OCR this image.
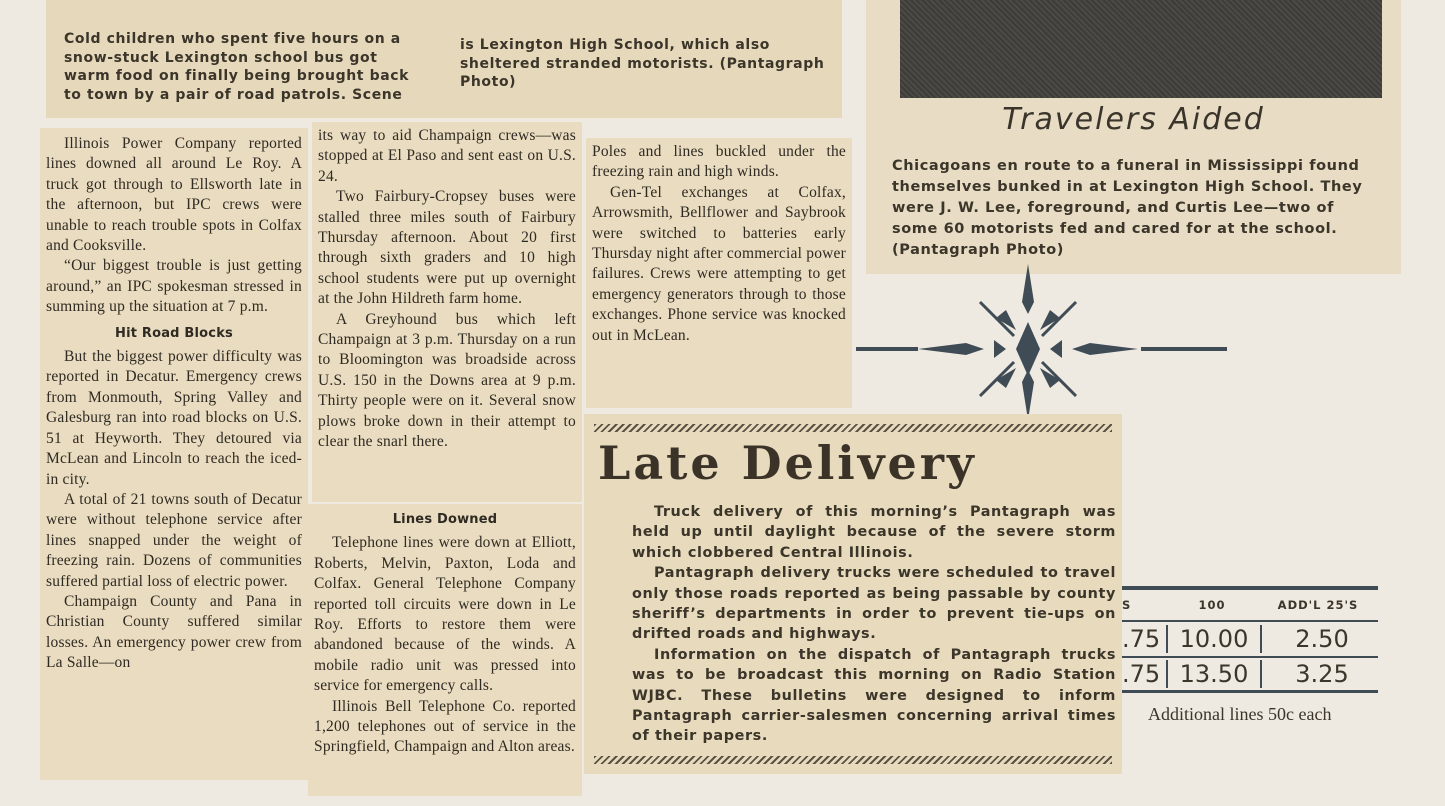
Cold children who spent five hours on a snow-stuck Lexington school bus got warm food on finally being brought back to town by a pair of road patrols. Scene
is Lexington High School, which also sheltered stranded motorists. (Pantagraph Photo)
Travelers Aided
Chicagoans en route to a funeral in Mississippi found themselves bunked in at Lexington High School. They were J. W. Lee, foreground, and Curtis Lee—two of some 60 motorists fed and cared for at the school. (Pantagraph Photo)

Illinois Power Company reported lines downed all around Le Roy. A truck got through to Ellsworth late in the afternoon, but IPC crews were unable to reach trouble spots in Colfax and Cooksville.

“Our biggest trouble is just getting around,” an IPC spokesman stressed in summing up the situation at 7 p.m.

Hit Road Blocks

But the biggest power difficulty was reported in Decatur. Emergency crews from Monmouth, Spring Valley and Galesburg ran into road blocks on U.S. 51 at Heyworth. They detoured via McLean and Lincoln to reach the iced-in city.

A total of 21 towns south of Decatur were without telephone service after lines snapped under the weight of freezing rain. Dozens of communities suffered partial loss of electric power.

Champaign County and Pana in Christian County suffered similar losses. An emergency power crew from La Salle—on

its way to aid Champaign crews—was stopped at El Paso and sent east on U.S. 24.

Two Fairbury-Cropsey buses were stalled three miles south of Fairbury Thursday afternoon. About 20 first through sixth graders and 10 high school students were put up overnight at the John Hildreth farm home.

A Greyhound bus which left Champaign at 3 p.m. Thursday on a run to Bloomington was broadside across U.S. 150 in the Downs area at 9 p.m. Thirty people were on it. Several snow plows broke down in their attempt to clear the snarl there.

Lines Downed

Telephone lines were down at Elliott, Roberts, Melvin, Paxton, Loda and Colfax. General Telephone Company reported toll circuits were down in Le Roy. Efforts to restore them were abandoned because of the winds. A mobile radio unit was pressed into service for emergency calls.

Illinois Bell Telephone Co. reported 1,200 telephones out of service in the Springfield, Champaign and Alton areas.

Poles and lines buckled under the freezing rain and high winds.

Gen-Tel exchanges at Colfax, Arrowsmith, Bellflower and Saybrook were switched to batteries early Thursday night after commercial power failures. Crews were attempting to get emergency generators through to those exchanges. Phone service was knocked out in McLean.

Late Delivery
Truck delivery of this morning’s Pantagraph was held up until daylight because of the severe storm which clobbered Central Illinois.
Pantagraph delivery trucks were scheduled to travel only those roads reported as being passable by county sheriff’s departments in order to prevent tie-ups on drifted roads and highways.
Information on the dispatch of Pantagraph trucks was to be broadcast this morning on Radio Station WJBC. These bulletins were designed to inform Pantagraph carrier-salesmen concerning arrival times of their papers.
S	100	ADD'L 25'S
.75 10.00	2.50
.75 13.50	3.25
Additional lines 50c each
